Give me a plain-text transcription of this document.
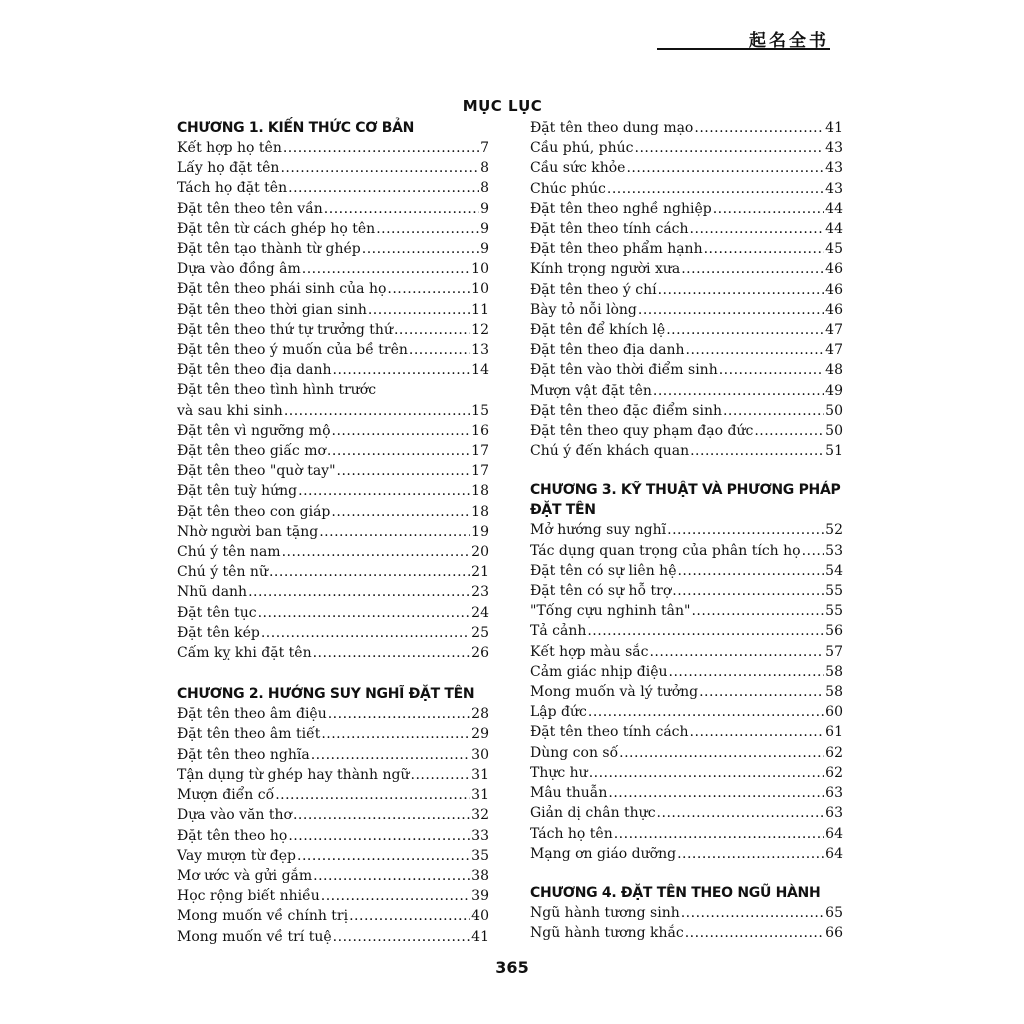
起名全书
MỤC LỤC
CHƯƠNG 1. KIẾN THỨC CƠ BẢN
Kết hợp họ tên .....	7
Lấy họ đặt tên .....	8
Tách họ đặt tên .....	8
Đặt tên theo tên vần .....	9
Đặt tên từ cách ghép họ tên .....	9
Đặt tên tạo thành từ ghép .....	9
Dựa vào đồng âm .....	10
Đặt tên theo phái sinh của họ .....	10
Đặt tên theo thời gian sinh .....	11
Đặt tên theo thứ tự trưởng thứ .....	12
Đặt tên theo ý muốn của bề trên .....	13
Đặt tên theo địa danh .....	14
Đặt tên theo tình hình trước
và sau khi sinh .....	15
Đặt tên vì ngưỡng mộ .....	16
Đặt tên theo giấc mơ .....	17
Đặt tên theo "quờ tay" .....	17
Đặt tên tuỳ hứng .....	18
Đặt tên theo con giáp .....	18
Nhờ người ban tặng .....	19
Chú ý tên nam .....	20
Chú ý tên nữ .....	21
Nhũ danh .....	23
Đặt tên tục .....	24
Đặt tên kép .....	25
Cấm kỵ khi đặt tên .....	26
CHƯƠNG 2. HƯỚNG SUY NGHĨ ĐẶT TÊN
Đặt tên theo âm điệu .....	28
Đặt tên theo âm tiết .....	29
Đặt tên theo nghĩa .....	30
Tận dụng từ ghép hay thành ngữ .....	31
Mượn điển cố .....	31
Dựa vào văn thơ .....	32
Đặt tên theo họ .....	33
Vay mượn từ đẹp .....	35
Mơ ước và gửi gắm .....	38
Học rộng biết nhiều .....	39
Mong muốn về chính trị .....	40
Mong muốn về trí tuệ .....	41
Đặt tên theo dung mạo .....	41
Cầu phú, phúc .....	43
Cầu sức khỏe .....	43
Chúc phúc .....	43
Đặt tên theo nghề nghiệp .....	44
Đặt tên theo tính cách .....	44
Đặt tên theo phẩm hạnh .....	45
Kính trọng người xưa .....	46
Đặt tên theo ý chí .....	46
Bày tỏ nỗi lòng .....	46
Đặt tên để khích lệ .....	47
Đặt tên theo địa danh .....	47
Đặt tên vào thời điểm sinh .....	48
Mượn vật đặt tên .....	49
Đặt tên theo đặc điểm sinh .....	50
Đặt tên theo quy phạm đạo đức .....	50
Chú ý đến khách quan .....	51
CHƯƠNG 3. KỸ THUẬT VÀ PHƯƠNG PHÁP
ĐẶT TÊN
Mở hướng suy nghĩ .....	52
Tác dụng quan trọng của phân tích họ ..... 53
Đặt tên có sự liên hệ .....	54
Đặt tên có sự hỗ trợ .....	55
"Tống cựu nghinh tân" .....	55
Tả cảnh .....	56
Kết hợp màu sắc .....	57
Cảm giác nhịp điệu .....	58
Mong muốn và lý tưởng .....	58
Lập đức .....	60
Đặt tên theo tính cách .....	61
Dùng con số .....	62
Thực hư .....	62
Mâu thuẫn .....	63
Giản dị chân thực .....	63
Tách họ tên .....	64
Mạng ơn giáo dưỡng .....	64
CHƯƠNG 4. ĐẶT TÊN THEO NGŨ HÀNH
Ngũ hành tương sinh .....	65
Ngũ hành tương khắc .....	66
365
